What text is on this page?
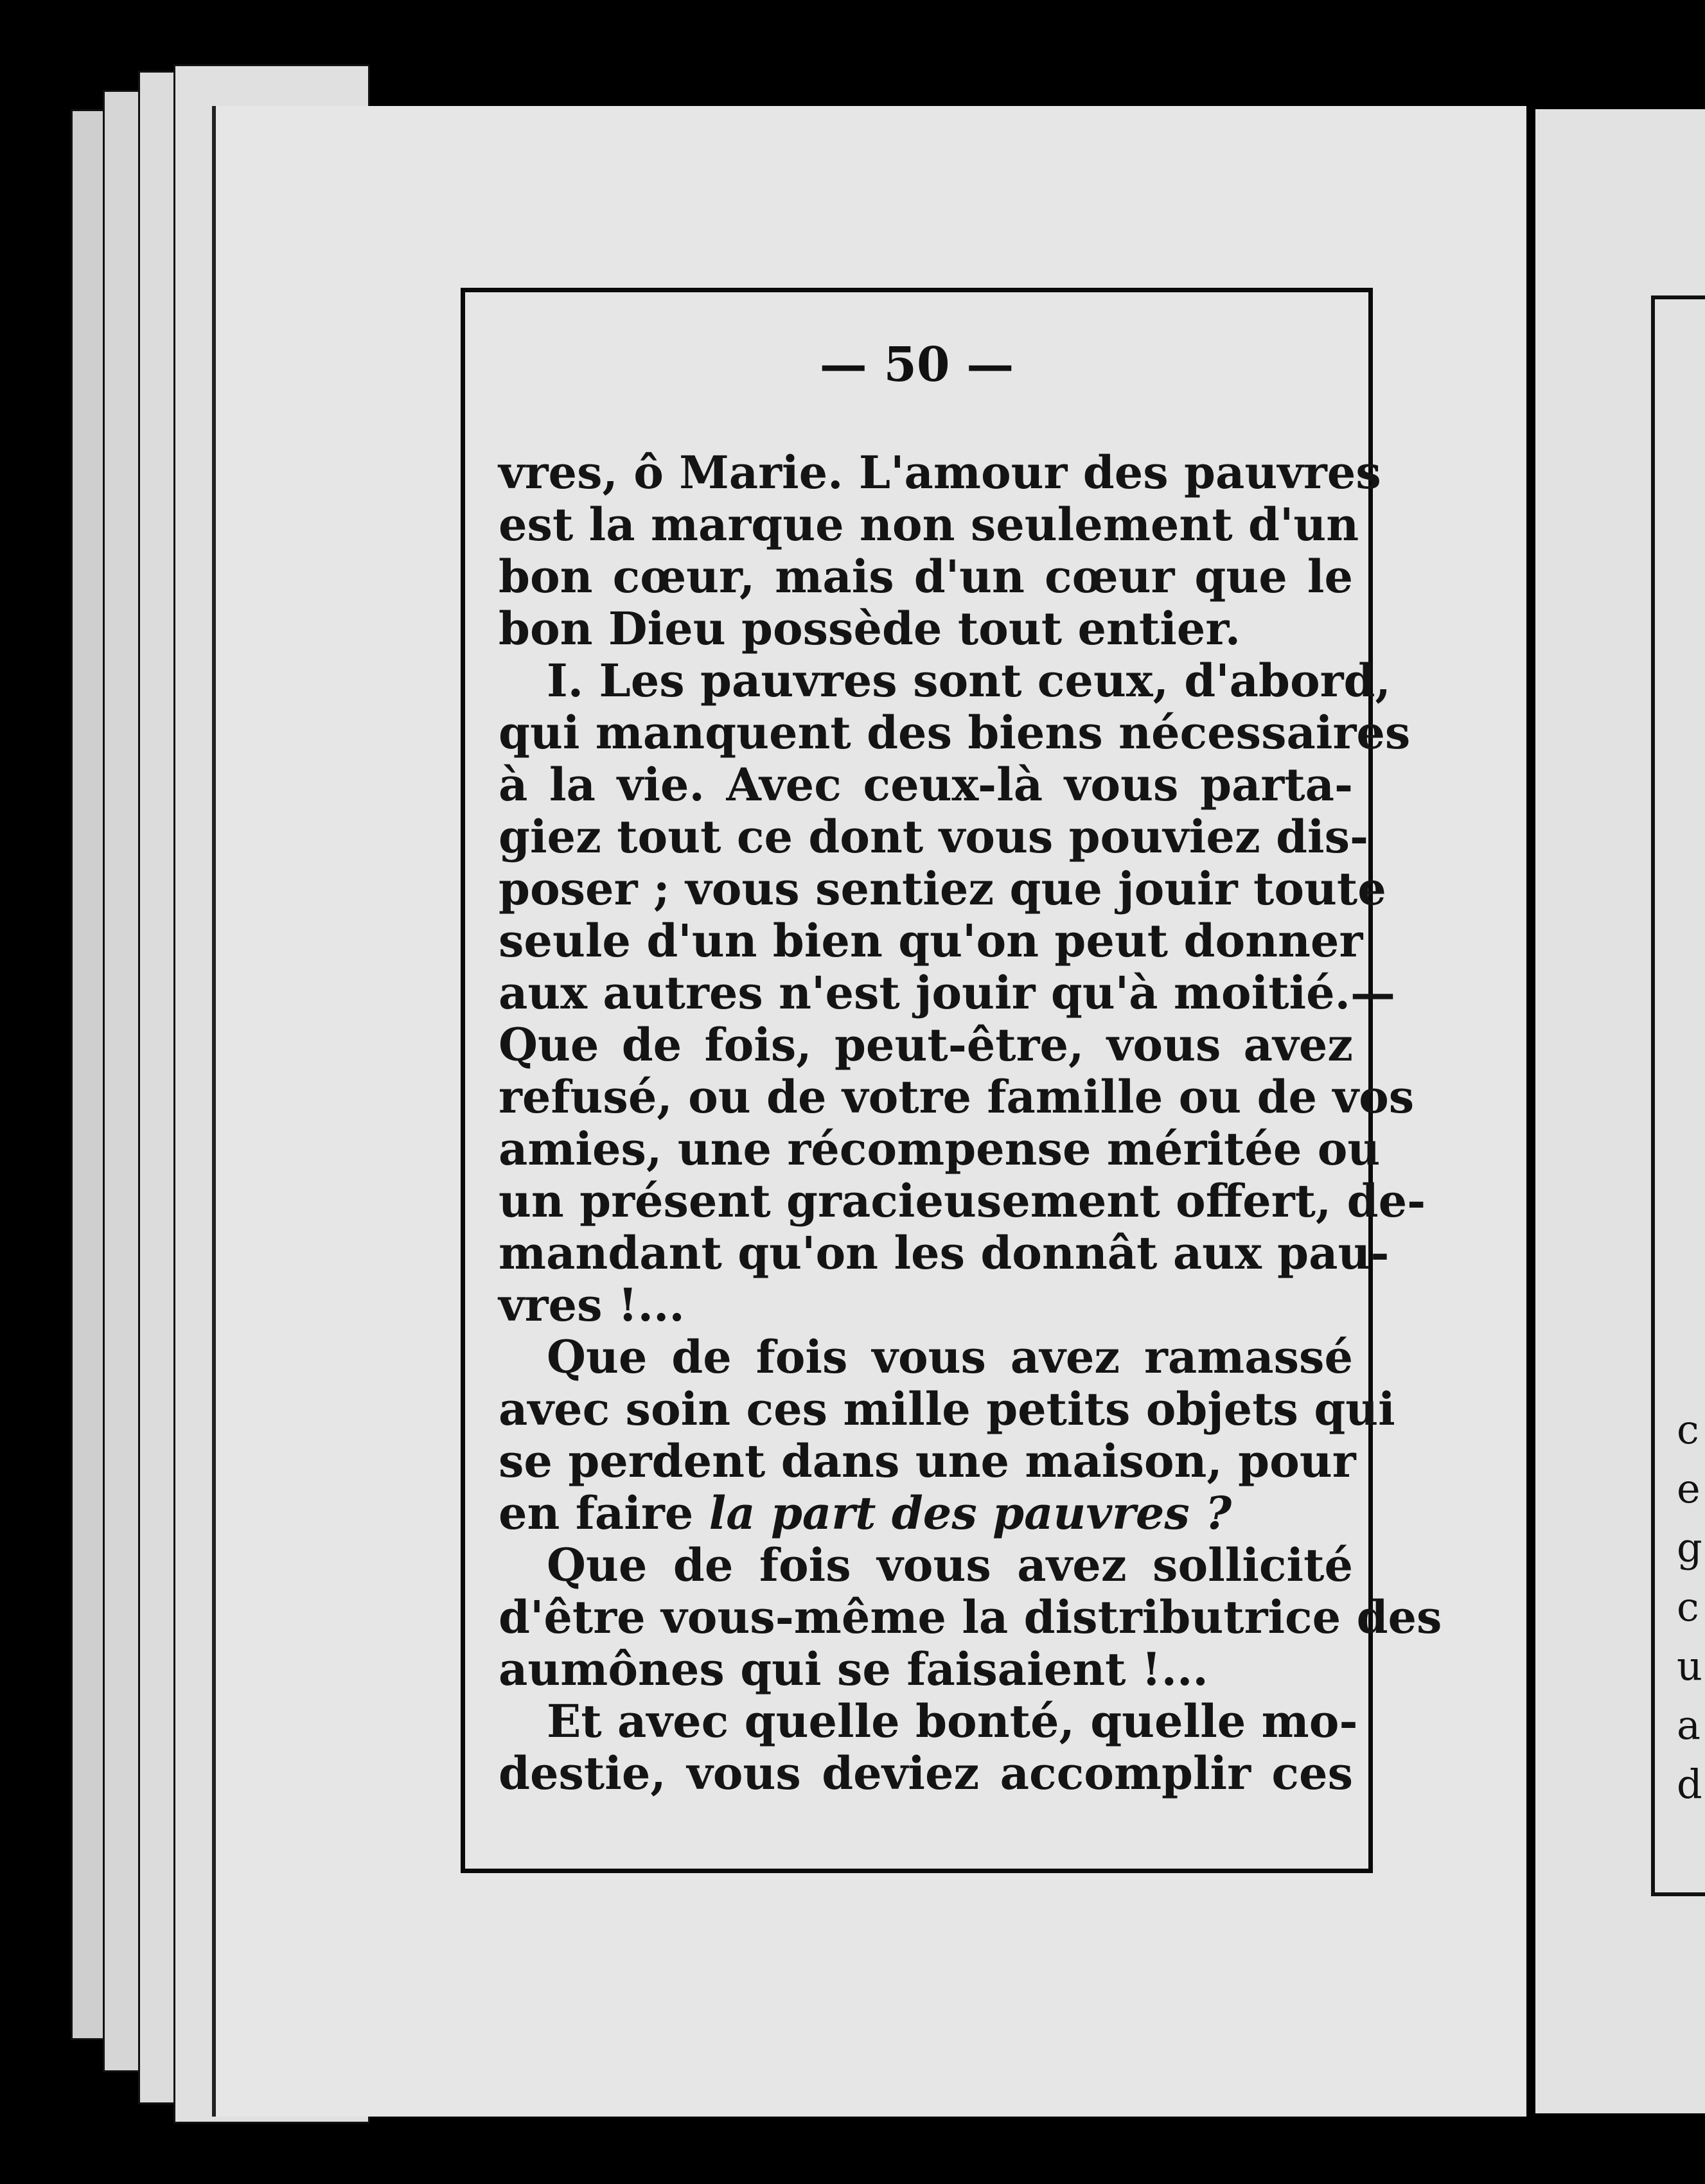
c
e
g
c
u
a
d
— 50 —
vres, ô Marie. L'amour des pauvres
est la marque non seulement d'un
bon cœur, mais d'un cœur que le
bon Dieu possède tout entier.
I. Les pauvres sont ceux, d'abord,
qui manquent des biens nécessaires
à la vie. Avec ceux-là vous parta-
giez tout ce dont vous pouviez dis-
poser ; vous sentiez que jouir toute
seule d'un bien qu'on peut donner
aux autres n'est jouir qu'à moitié.—
Que de fois, peut-être, vous avez
refusé, ou de votre famille ou de vos
amies, une récompense méritée ou
un présent gracieusement offert, de-
mandant qu'on les donnât aux pau-
vres !...
Que de fois vous avez ramassé
avec soin ces mille petits objets qui
se perdent dans une maison, pour
en faire la part des pauvres ?
Que de fois vous avez sollicité
d'être vous-même la distributrice des
aumônes qui se faisaient !...
Et avec quelle bonté, quelle mo-
destie, vous deviez accomplir ces
